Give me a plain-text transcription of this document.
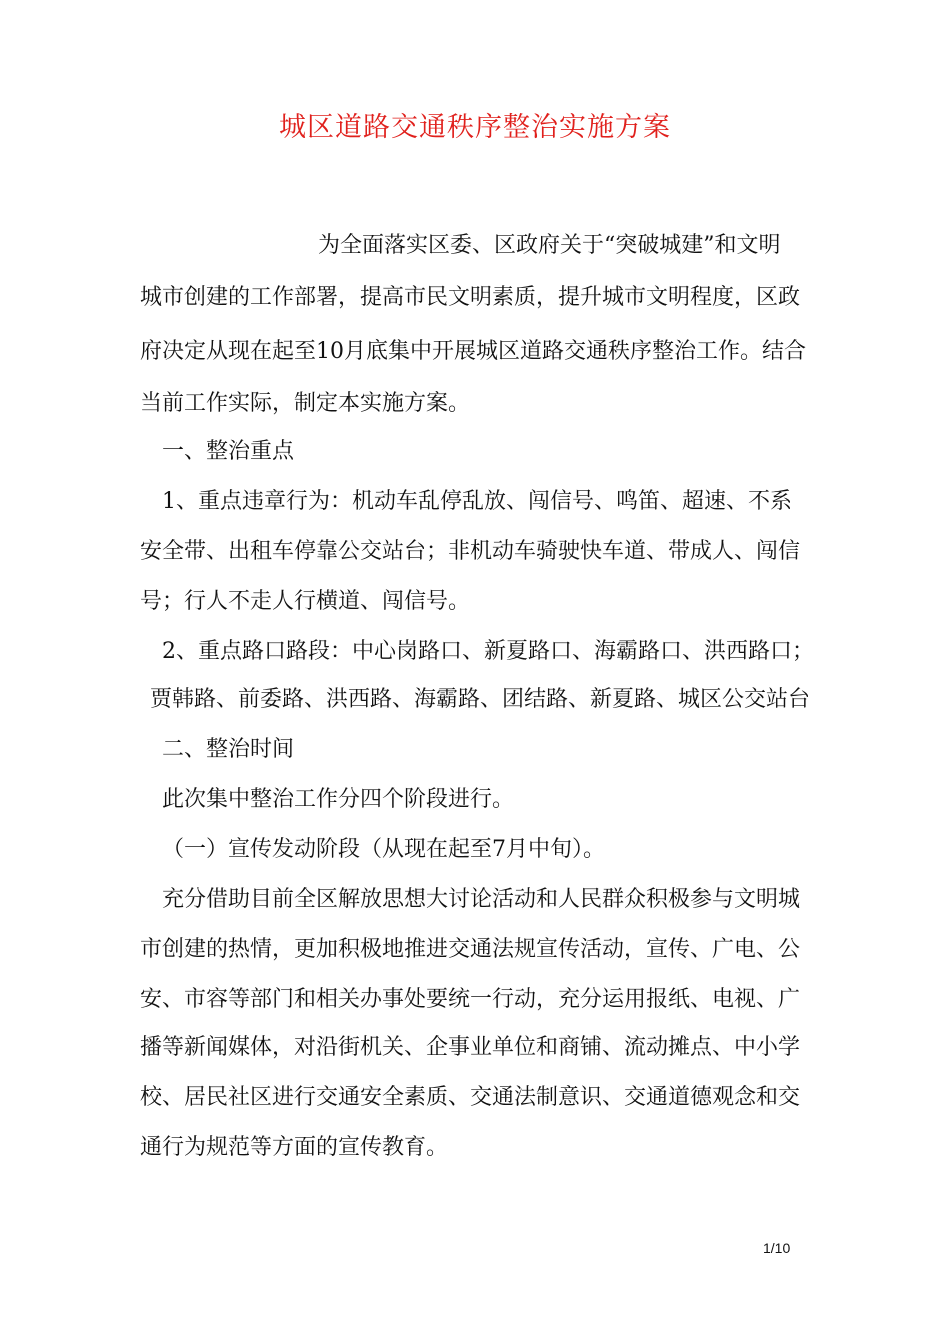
城区道路交通秩序整治实施方案
为全面落实区委、区政府关于“突破城建”和文明
城市创建的工作部署，提高市民文明素质，提升城市文明程度，区政
府决定从现在起至10月底集中开展城区道路交通秩序整治工作。结合
当前工作实际，制定本实施方案。
一、整治重点
1、重点违章行为：机动车乱停乱放、闯信号、鸣笛、超速、不系
安全带、出租车停靠公交站台；非机动车骑驶快车道、带成人、闯信
号；行人不走人行横道、闯信号。
2、重点路口路段：中心岗路口、新夏路口、海霸路口、洪西路口；
贾韩路、前委路、洪西路、海霸路、团结路、新夏路、城区公交站台
二、整治时间
此次集中整治工作分四个阶段进行。
（一）宣传发动阶段（从现在起至7月中旬）。
充分借助目前全区解放思想大讨论活动和人民群众积极参与文明城
市创建的热情，更加积极地推进交通法规宣传活动，宣传、广电、公
安、市容等部门和相关办事处要统一行动，充分运用报纸、电视、广
播等新闻媒体，对沿街机关、企事业单位和商铺、流动摊点、中小学
校、居民社区进行交通安全素质、交通法制意识、交通道德观念和交
通行为规范等方面的宣传教育。
1/10
